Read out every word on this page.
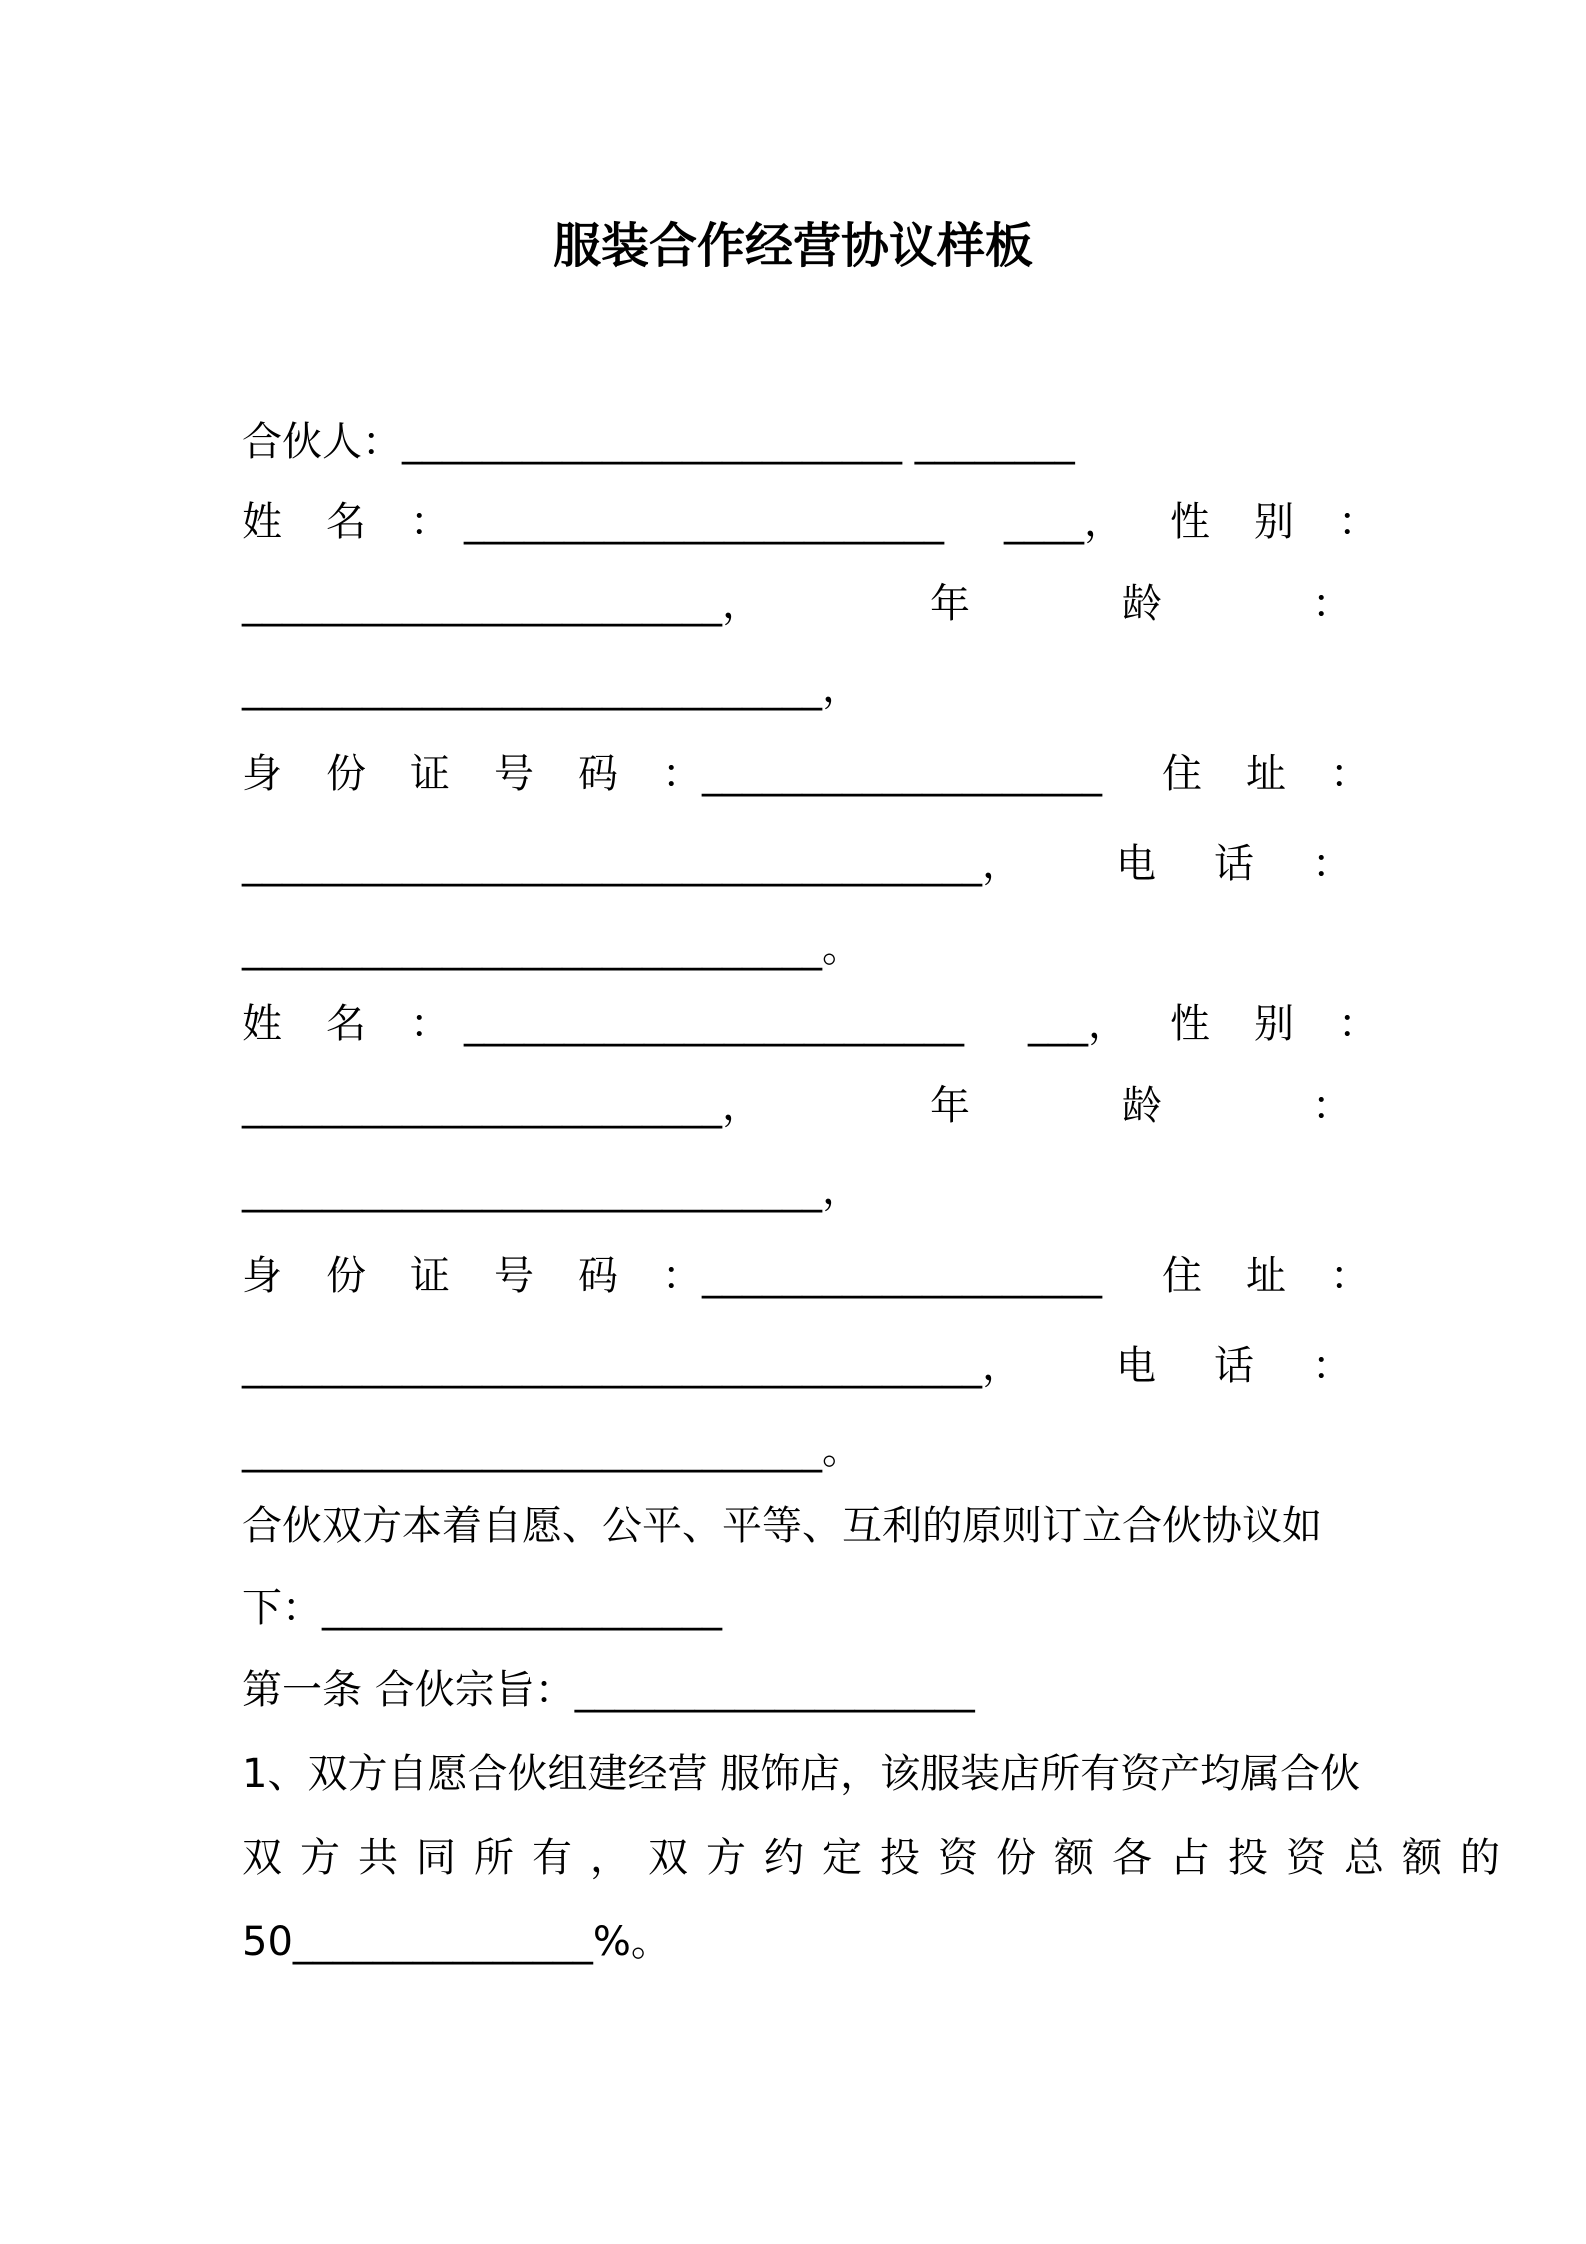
服装合作经营协议样板
合伙人：_________________________ ________
姓名：
________________________ ____， 性别：
________________________，	年	龄	：
_____________________________，
身份证号码：
____________________ 住址：
_____________________________________， 电 话 ：
_____________________________。
姓名：
_________________________ ___， 性别：
________________________，	年	龄	：
_____________________________，
身份证号码：
____________________ 住址：
_____________________________________， 电 话 ：
_____________________________。
合伙双方本着自愿、公平、平等、互利的原则订立合伙协议如
下：____________________
第一条 合伙宗旨：____________________
1、双方自愿合伙组建经营 服饰店，该服装店所有资产均属合伙
双方共同所有，双方约定投资份额各占投资总额的
50_______________%。
